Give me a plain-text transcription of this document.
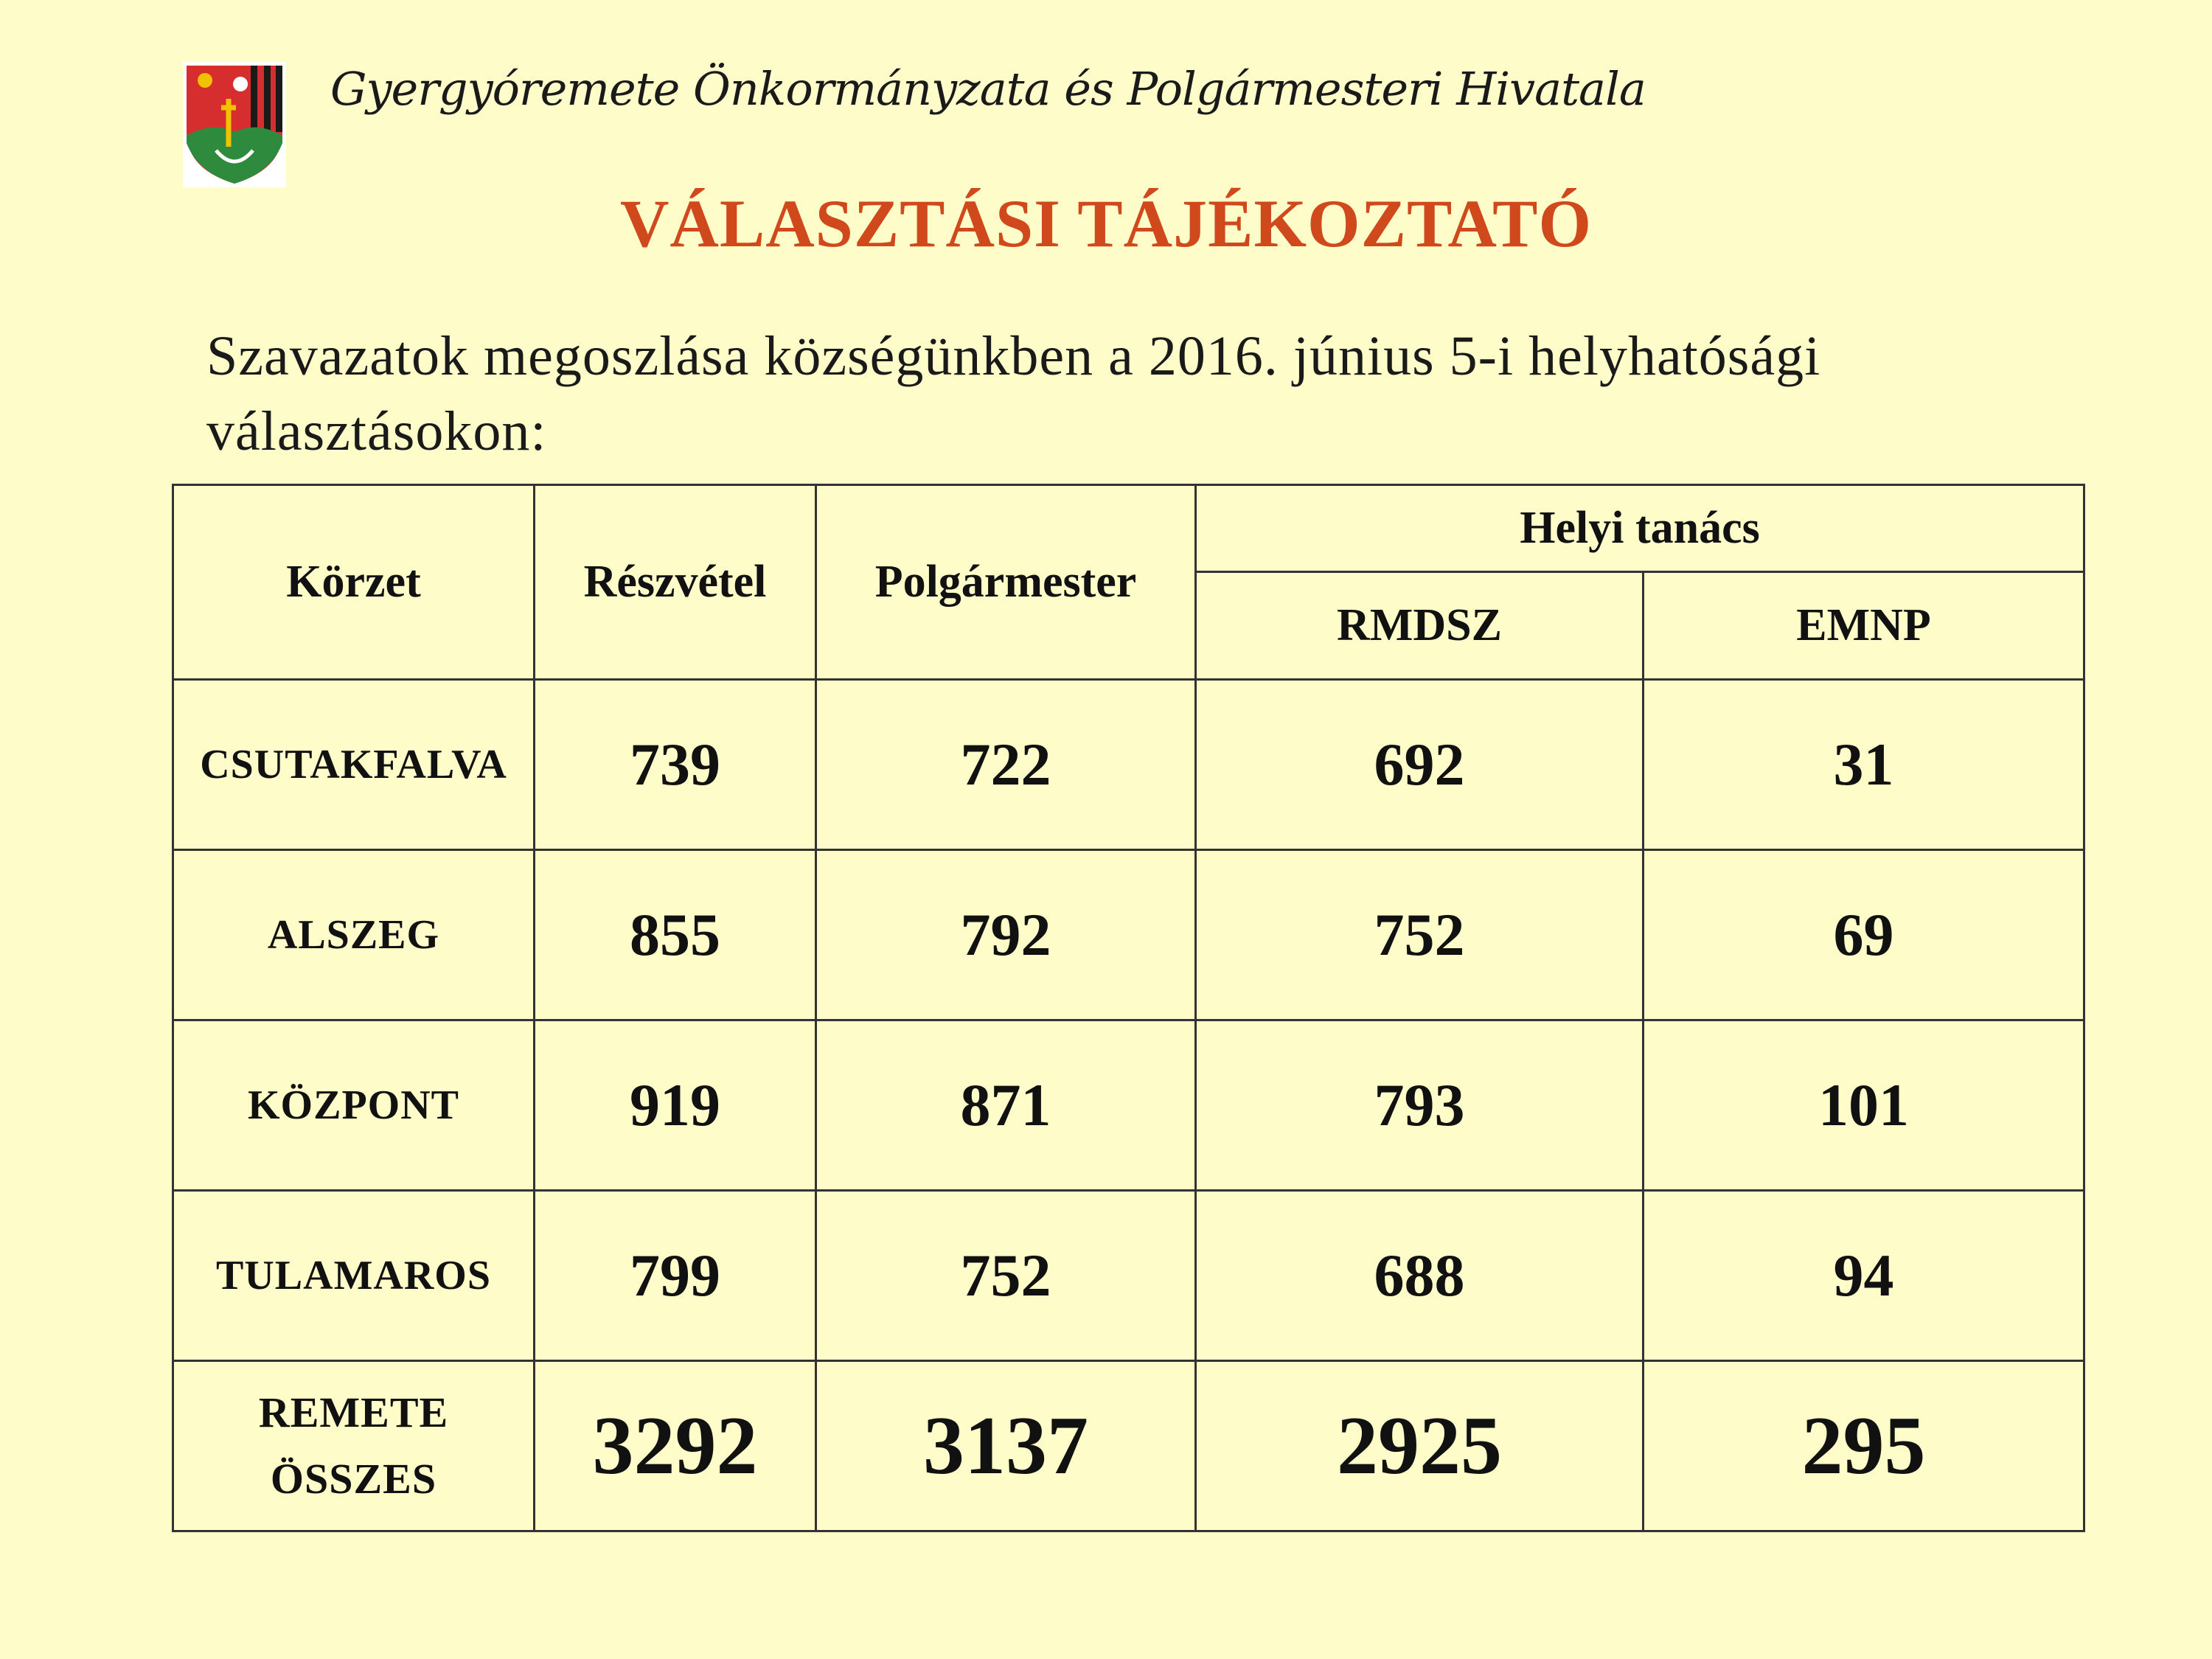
Gyergyóremete Önkormányzata és Polgármesteri Hivatala
VÁLASZTÁSI TÁJÉKOZTATÓ
Szavazatok megoszlása községünkben a 2016. június 5-i helyhatósági választásokon:
Körzet	Részvétel	Polgármester	Helyi tanács	
			RMDSZ	EMNP
CSUTAKFALVA	739	722	692	31
ALSZEG	855	792	752	69
KÖZPONT	919	871	793	101
TULAMAROS	799	752	688	94

REMETE
ÖSSZES	3292	3137	2925	295
